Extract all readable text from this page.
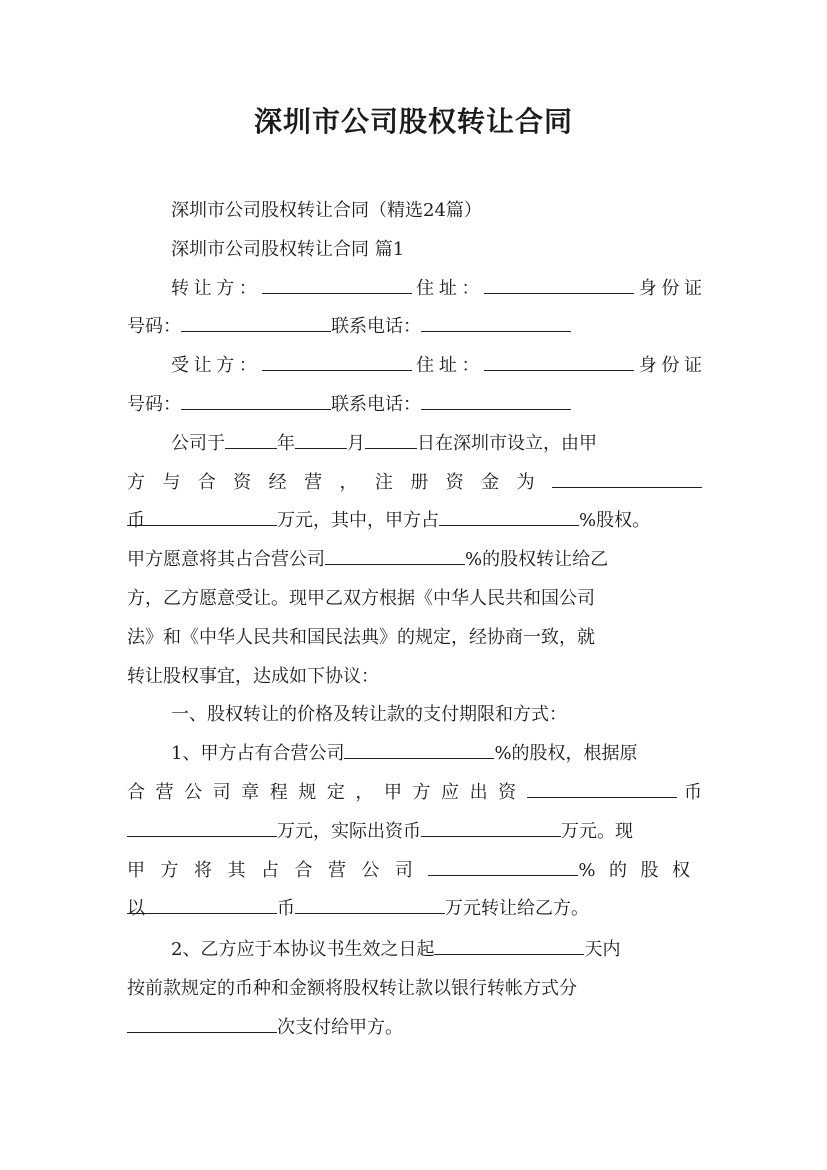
深圳市公司股权转让合同
深圳市公司股权转让合同（精选24篇）
深圳市公司股权转让合同 篇1
转让方：	住址：	身份证
号码：	联系电话：
受让方：	住址：	身份证
号码：	联系电话：
公司于	年	月	日在深圳市设立，由甲
方与合资经营，注册资金为 币	万元，其中，甲方占	%股权。
甲方愿意将其占合营公司	%的股权转让给乙
方，乙方愿意受让。现甲乙双方根据《中华人民共和国公司
法》和《中华人民共和国民法典》的规定，经协商一致，就
转让股权事宜，达成如下协议：
一、股权转让的价格及转让款的支付期限和方式：
1、甲方占有合营公司	%的股权，根据原
合营公司章程规定，甲方应出资	币
万元，实际出资币	万元。现
甲方将其占合营公司	%的股权以	币	万元转让给乙方。
2、乙方应于本协议书生效之日起	天内
按前款规定的币种和金额将股权转让款以银行转帐方式分
次支付给甲方。
